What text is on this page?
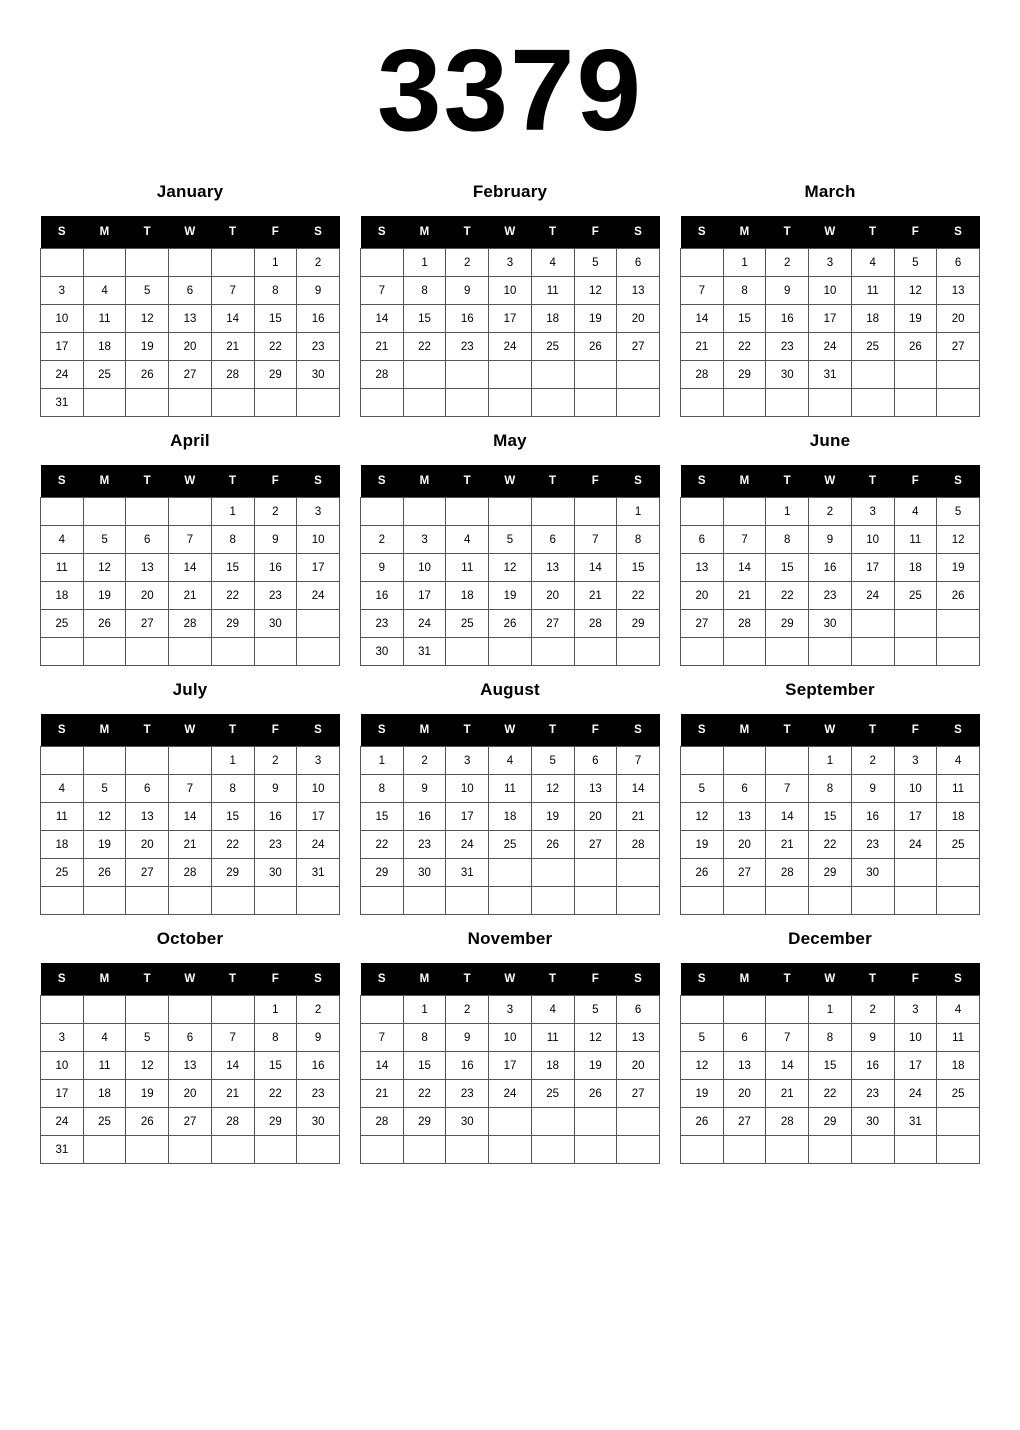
3379
January
S	M	T	W	T	F	S
					1	2
3	4	5	6	7	8	9
10	11	12	13	14	15	16
17	18	19	20	21	22	23
24	25	26	27	28	29	30
31						
February
S	M	T	W	T	F	S
	1	2	3	4	5	6
7	8	9	10	11	12	13
14	15	16	17	18	19	20
21	22	23	24	25	26	27
28						

March
S	M	T	W	T	F	S
	1	2	3	4	5	6
7	8	9	10	11	12	13
14	15	16	17	18	19	20
21	22	23	24	25	26	27
28	29	30	31			

April
S	M	T	W	T	F	S
				1	2	3
4	5	6	7	8	9	10
11	12	13	14	15	16	17
18	19	20	21	22	23	24
25	26	27	28	29	30	

May
S	M	T	W	T	F	S
						1
2	3	4	5	6	7	8
9	10	11	12	13	14	15
16	17	18	19	20	21	22
23	24	25	26	27	28	29
30	31					
June
S	M	T	W	T	F	S
		1	2	3	4	5
6	7	8	9	10	11	12
13	14	15	16	17	18	19
20	21	22	23	24	25	26
27	28	29	30			

July
S	M	T	W	T	F	S
				1	2	3
4	5	6	7	8	9	10
11	12	13	14	15	16	17
18	19	20	21	22	23	24
25	26	27	28	29	30	31

August
S	M	T	W	T	F	S
1	2	3	4	5	6	7
8	9	10	11	12	13	14
15	16	17	18	19	20	21
22	23	24	25	26	27	28
29	30	31				

September
S	M	T	W	T	F	S
			1	2	3	4
5	6	7	8	9	10	11
12	13	14	15	16	17	18
19	20	21	22	23	24	25
26	27	28	29	30		

October
S	M	T	W	T	F	S
					1	2
3	4	5	6	7	8	9
10	11	12	13	14	15	16
17	18	19	20	21	22	23
24	25	26	27	28	29	30
31						
November
S	M	T	W	T	F	S
	1	2	3	4	5	6
7	8	9	10	11	12	13
14	15	16	17	18	19	20
21	22	23	24	25	26	27
28	29	30				

December
S	M	T	W	T	F	S
			1	2	3	4
5	6	7	8	9	10	11
12	13	14	15	16	17	18
19	20	21	22	23	24	25
26	27	28	29	30	31	
